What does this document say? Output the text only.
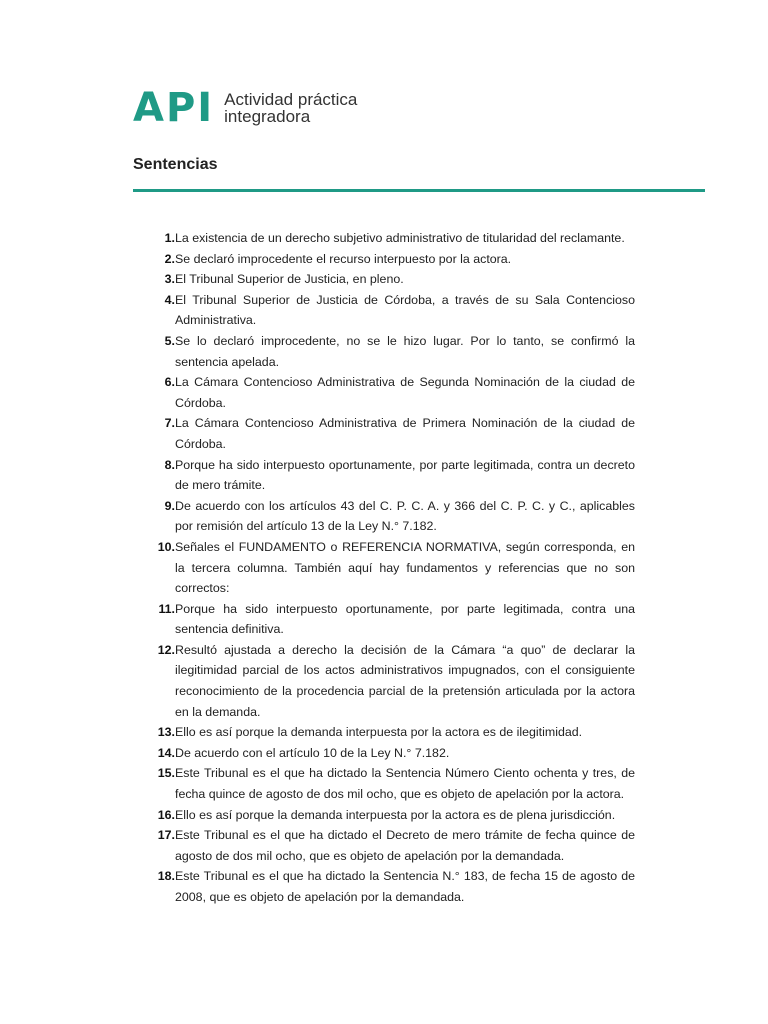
API Actividad práctica
integradora
Sentencias
1. La existencia de un derecho subjetivo administrativo de titularidad del reclamante.
2. Se declaró improcedente el recurso interpuesto por la actora.
3. El Tribunal Superior de Justicia, en pleno.
4. El Tribunal Superior de Justicia de Córdoba, a través de su Sala Contencioso Administrativa.
5. Se lo declaró improcedente, no se le hizo lugar. Por lo tanto, se confirmó la sentencia apelada.
6. La Cámara Contencioso Administrativa de Segunda Nominación de la ciudad de Córdoba.
7. La Cámara Contencioso Administrativa de Primera Nominación de la ciudad de Córdoba.
8. Porque ha sido interpuesto oportunamente, por parte legitimada, contra un decreto de mero trámite.
9. De acuerdo con los artículos 43 del C. P. C. A. y 366 del C. P. C. y C., aplicables por remisión del artículo 13 de la Ley N.° 7.182.
10. Señales el FUNDAMENTO o REFERENCIA NORMATIVA, según corresponda, en la tercera columna. También aquí hay fundamentos y referencias que no son correctos:
11. Porque ha sido interpuesto oportunamente, por parte legitimada, contra una sentencia definitiva.
12. Resultó ajustada a derecho la decisión de la Cámara “a quo” de declarar la ilegitimidad parcial de los actos administrativos impugnados, con el consiguiente reconocimiento de la procedencia parcial de la pretensión articulada por la actora en la demanda.
13. Ello es así porque la demanda interpuesta por la actora es de ilegitimidad.
14. De acuerdo con el artículo 10 de la Ley N.° 7.182.
15. Este Tribunal es el que ha dictado la Sentencia Número Ciento ochenta y tres, de fecha quince de agosto de dos mil ocho, que es objeto de apelación por la actora.
16. Ello es así porque la demanda interpuesta por la actora es de plena jurisdicción.
17. Este Tribunal es el que ha dictado el Decreto de mero trámite de fecha quince de agosto de dos mil ocho, que es objeto de apelación por la demandada.
18. Este Tribunal es el que ha dictado la Sentencia N.° 183, de fecha 15 de agosto de 2008, que es objeto de apelación por la demandada.
